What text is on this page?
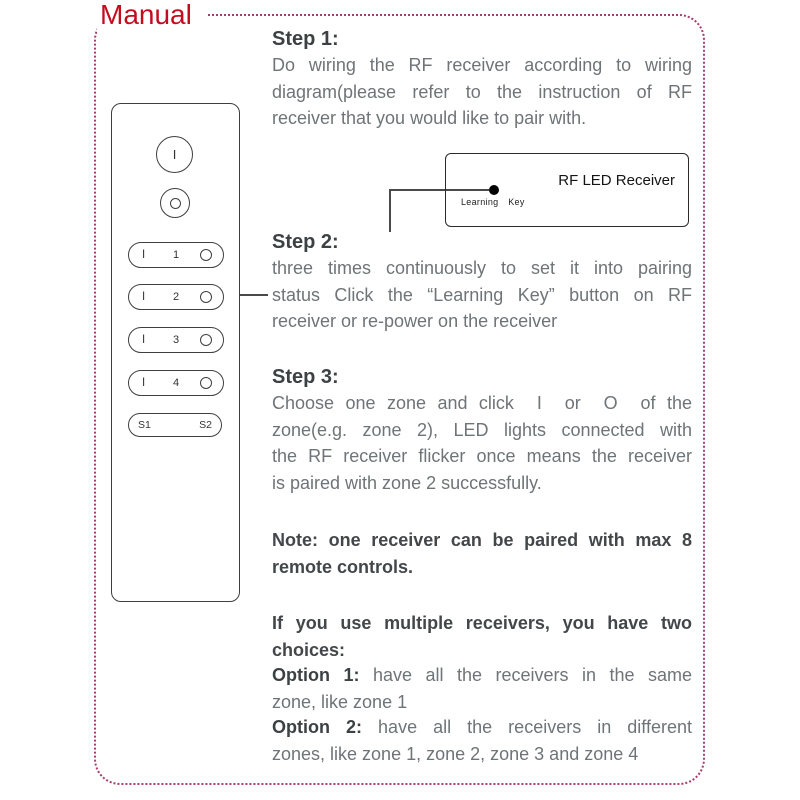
Manual
I
I	1
I	2
I	3
I	4
S1	S2
RF LED Receiver
Learning Key
Step 1:
Do wiring the RF receiver according to wiring
diagram(please refer to the instruction of RF
receiver that you would like to pair with.
Step 2:
three times continuously to set it into pairing
status Click the “Learning Key” button on RF
receiver or re-power on the receiver
Step 3:
Choose one zone and click  I  or  O  of the
zone(e.g. zone 2), LED lights connected with
the RF receiver flicker once means the receiver
is paired with zone 2 successfully.
Note: one receiver can be paired with max 8
remote controls.
If you use multiple receivers, you have two
choices:
Option 1: have all the receivers in the same
zone, like zone 1
Option 2: have all the receivers in different
zones, like zone 1, zone 2, zone 3 and zone 4
